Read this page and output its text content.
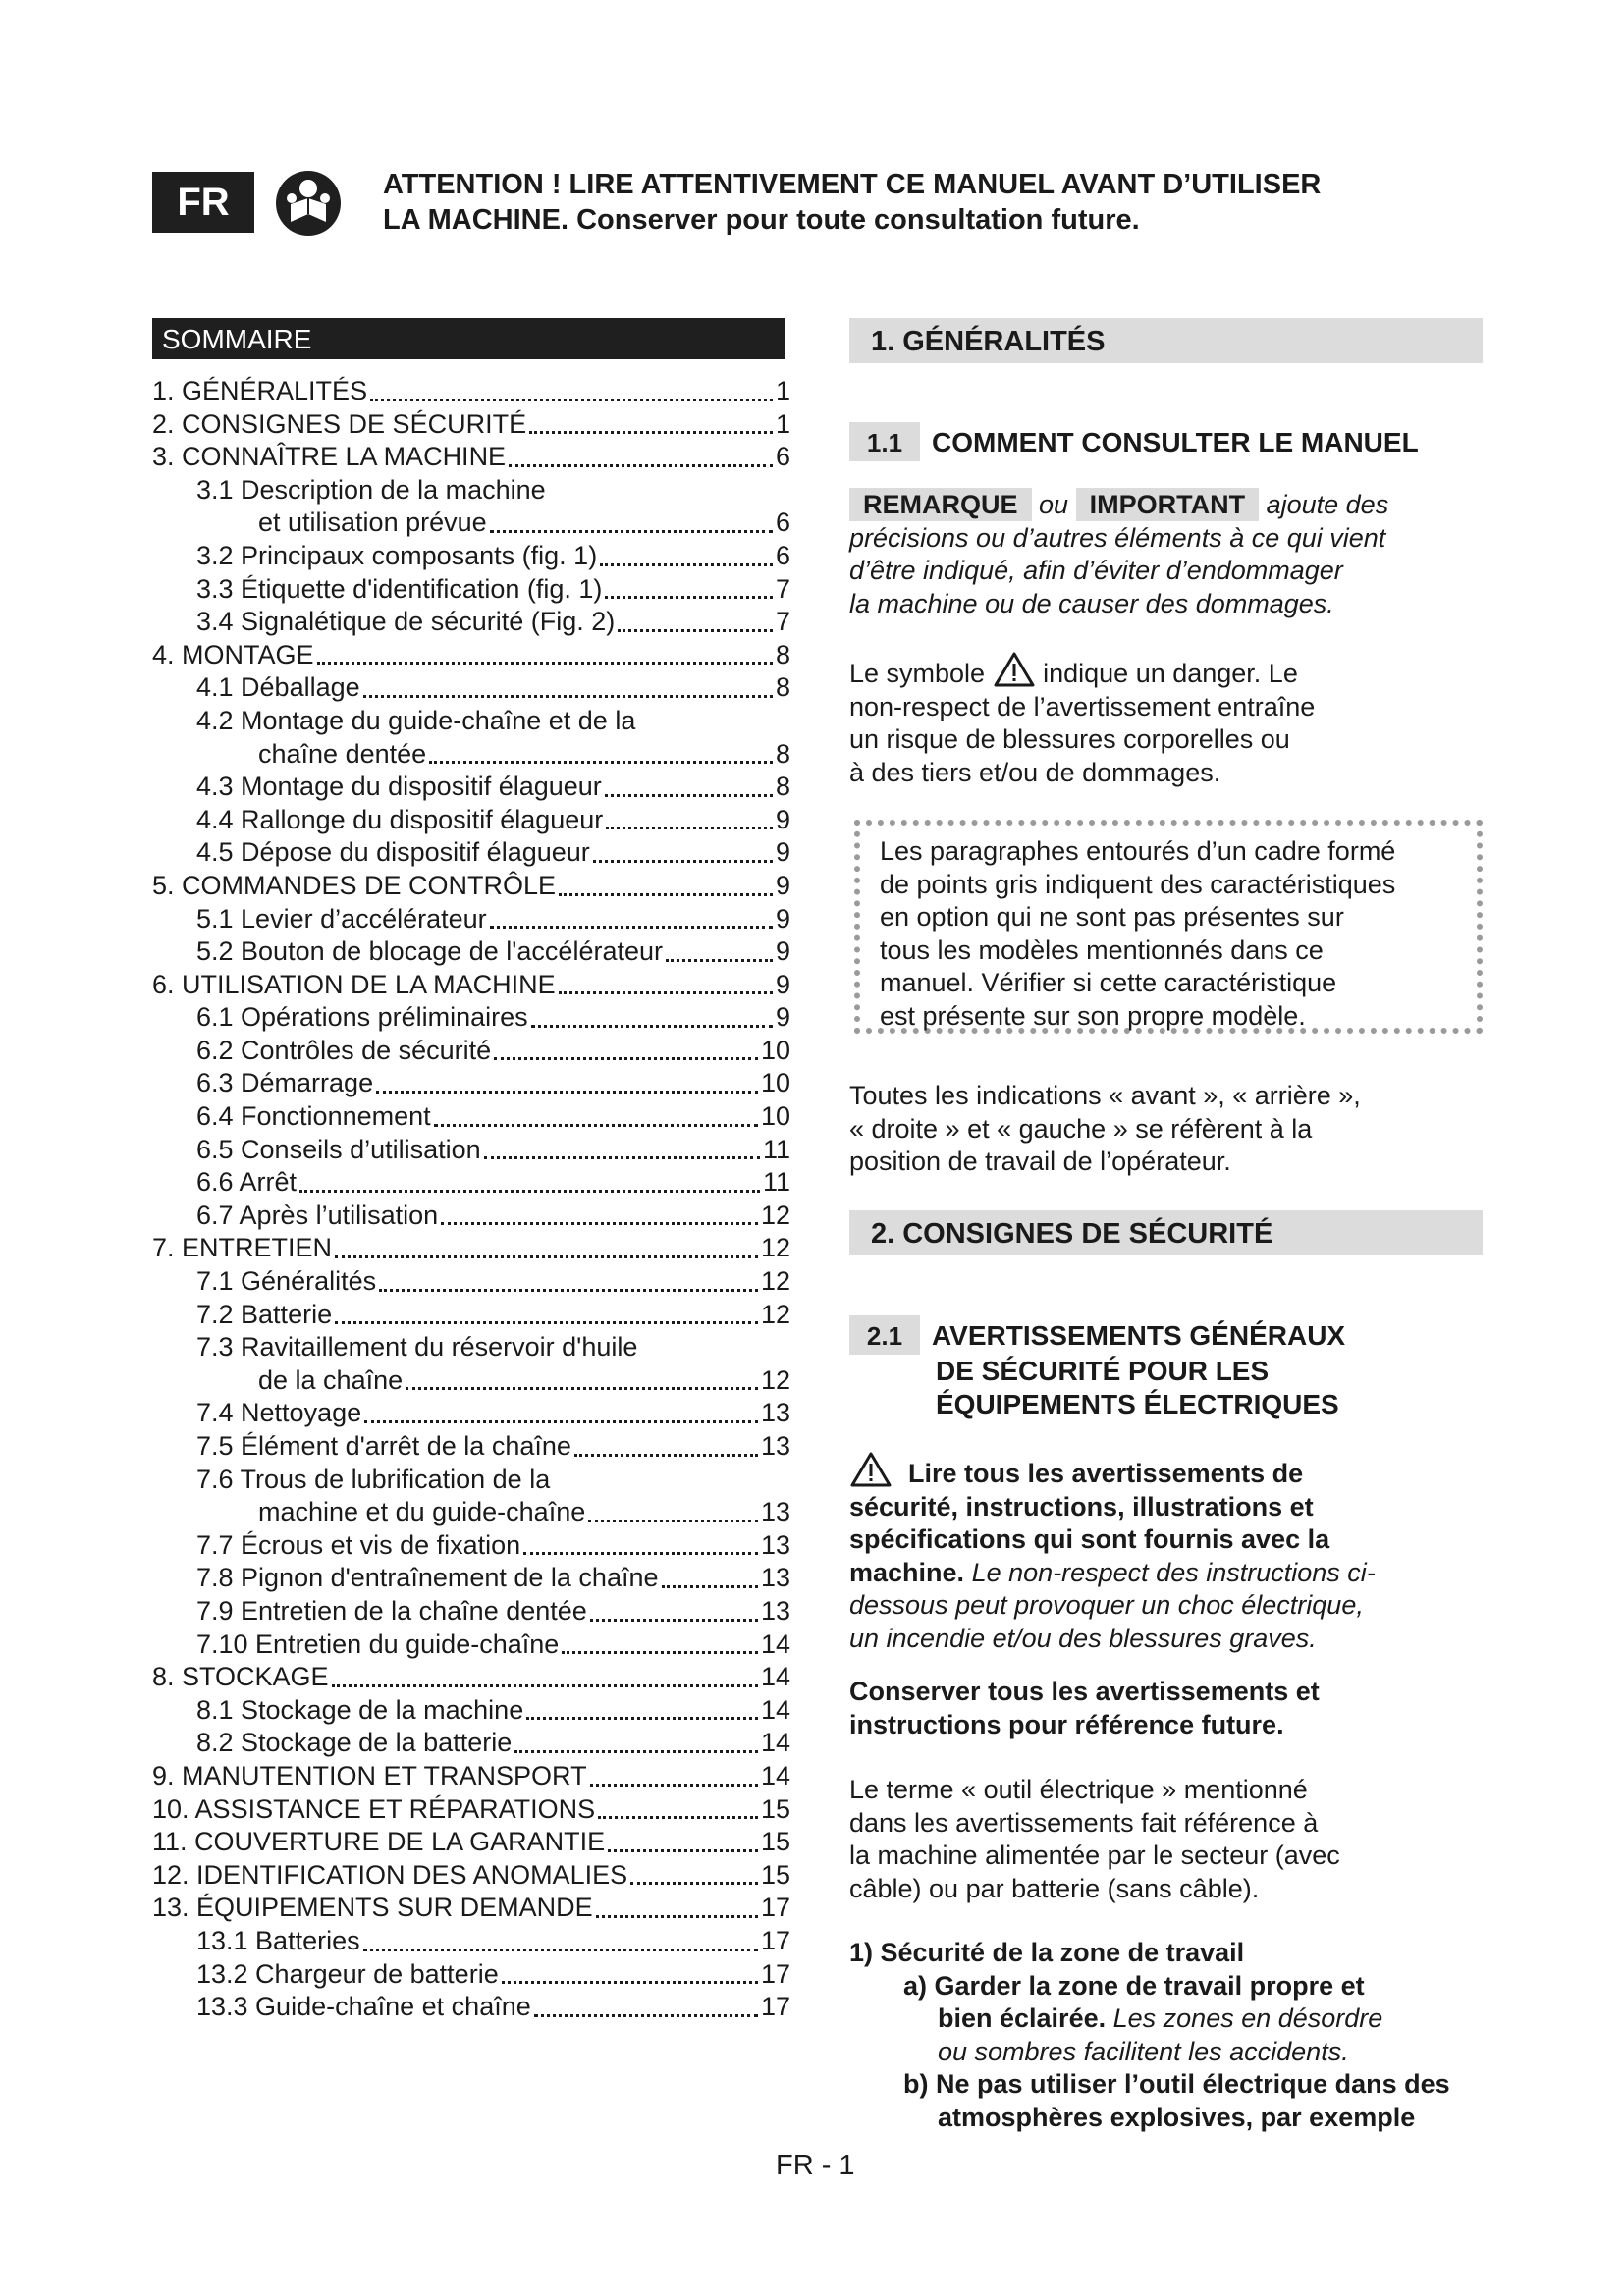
FR	ATTENTION ! LIRE ATTENTIVEMENT CE MANUEL AVANT D’UTILISER
LA MACHINE. Conserver pour toute consultation future.
SOMMAIRE
1. GÉNÉRALITÉS	1
2. CONSIGNES DE SÉCURITÉ	1
3. CONNAÎTRE LA MACHINE	6
3.1 Description de la machine
et utilisation prévue	6
3.2 Principaux composants (fig. 1)	6
3.3 Étiquette d'identification (fig. 1)	7
3.4 Signalétique de sécurité (Fig. 2)	7
4. MONTAGE	8
4.1 Déballage	8
4.2 Montage du guide-chaîne et de la
chaîne dentée	8
4.3 Montage du dispositif élagueur	8
4.4 Rallonge du dispositif élagueur	9
4.5 Dépose du dispositif élagueur	9
5. COMMANDES DE CONTRÔLE	9
5.1 Levier d’accélérateur	9
5.2 Bouton de blocage de l'accélérateur	9
6. UTILISATION DE LA MACHINE	9
6.1 Opérations préliminaires	9
6.2 Contrôles de sécurité	10
6.3 Démarrage	10
6.4 Fonctionnement	10
6.5 Conseils d’utilisation	11
6.6 Arrêt	11
6.7 Après l’utilisation	12
7. ENTRETIEN	12
7.1 Généralités	12
7.2 Batterie	12
7.3 Ravitaillement du réservoir d'huile
de la chaîne	12
7.4 Nettoyage	13
7.5 Élément d'arrêt de la chaîne	13
7.6 Trous de lubrification de la
machine et du guide-chaîne	13
7.7 Écrous et vis de fixation	13
7.8 Pignon d'entraînement de la chaîne	13
7.9 Entretien de la chaîne dentée	13
7.10 Entretien du guide-chaîne	14
8. STOCKAGE	14
8.1 Stockage de la machine	14
8.2 Stockage de la batterie	14
9. MANUTENTION ET TRANSPORT	14
10. ASSISTANCE ET RÉPARATIONS	15
11. COUVERTURE DE LA GARANTIE	15
12. IDENTIFICATION DES ANOMALIES	15
13. ÉQUIPEMENTS SUR DEMANDE	17
13.1 Batteries	17
13.2 Chargeur de batterie	17
13.3 Guide-chaîne et chaîne	17
1. GÉNÉRALITÉS
1.1 COMMENT CONSULTER LE MANUEL

REMARQUE ou IMPORTANT ajoute des

précisions ou d’autres éléments à ce qui vient

d’être indiqué, afin d’éviter d’endommager

la machine ou de causer des dommages.

Le symbole indique un danger. Le

non-respect de l’avertissement entraîne

un risque de blessures corporelles ou

à des tiers et/ou de dommages.

Les paragraphes entourés d’un cadre formé
de points gris indiquent des caractéristiques
en option qui ne sont pas présentes sur
tous les modèles mentionnés dans ce
manuel. Vérifier si cette caractéristique
est présente sur son propre modèle.

Toutes les indications « avant », « arrière »,

« droite » et « gauche » se réfèrent à la

position de travail de l’opérateur.

2. CONSIGNES DE SÉCURITÉ
2.1 AVERTISSEMENTS GÉNÉRAUX
DE SÉCURITÉ POUR LES
ÉQUIPEMENTS ÉLECTRIQUES

Lire tous les avertissements de

sécurité, instructions, illustrations et

spécifications qui sont fournis avec la

machine. Le non-respect des instructions ci-

dessous peut provoquer un choc électrique,

un incendie et/ou des blessures graves.

Conserver tous les avertissements et

instructions pour référence future.

Le terme « outil électrique » mentionné

dans les avertissements fait référence à

la machine alimentée par le secteur (avec

câble) ou par batterie (sans câble).

1) Sécurité de la zone de travail

a) Garder la zone de travail propre et

bien éclairée. Les zones en désordre

ou sombres facilitent les accidents.

b) Ne pas utiliser l’outil électrique dans des

atmosphères explosives, par exemple

FR - 1
